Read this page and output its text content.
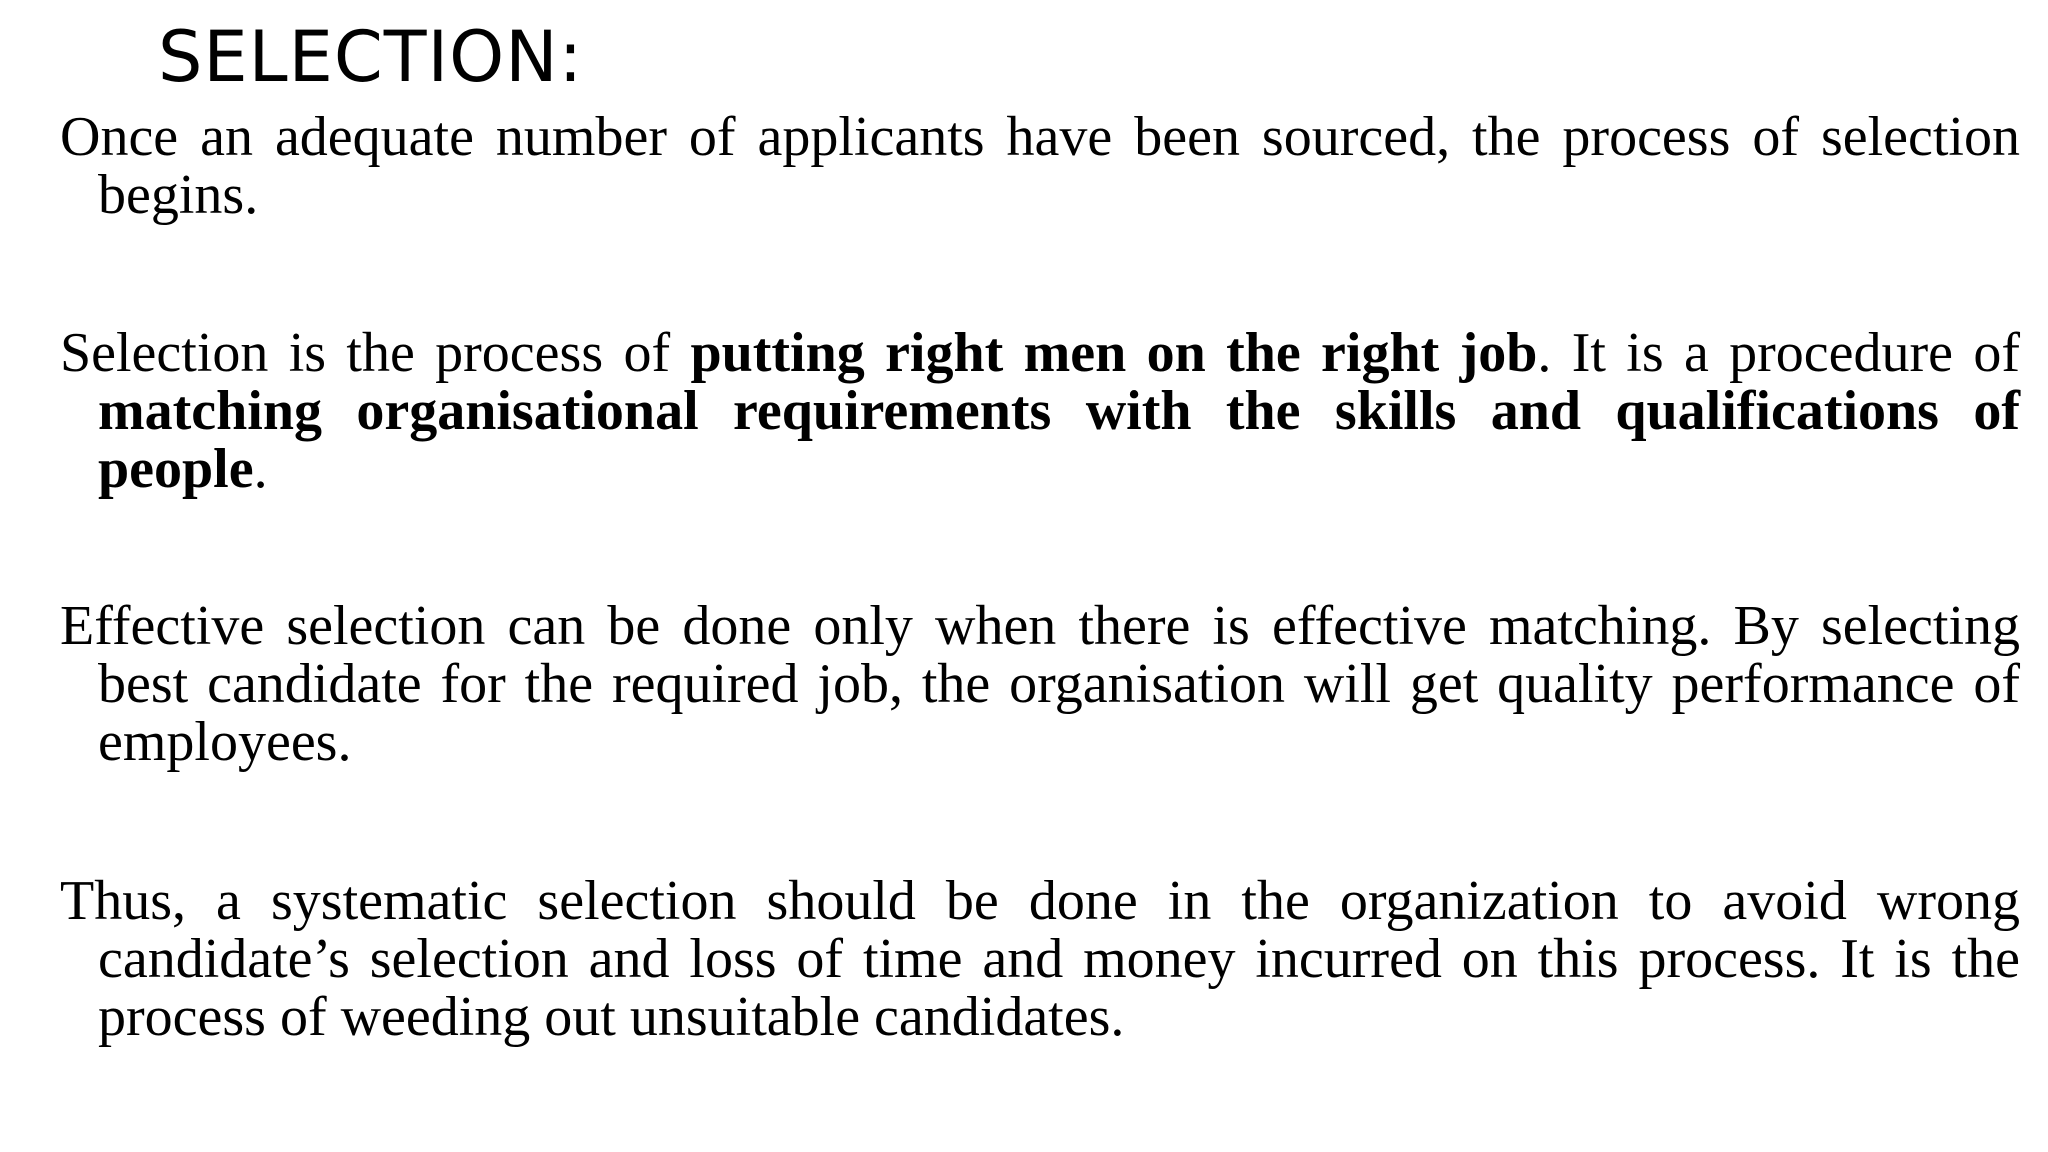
SELECTION:

Once an adequate number of applicants have been sourced, the process of selection begins.

Selection is the process of putting right men on the right job. It is a procedure of matching organisational requirements with the skills and qualifications of people.

Effective selection can be done only when there is effective matching. By selecting best candidate for the required job, the organisation will get quality performance of employees.

Thus, a systematic selection should be done in the organization to avoid wrong candidate’s selection and loss of time and money incurred on this process. It is the process of weeding out unsuitable candidates.
